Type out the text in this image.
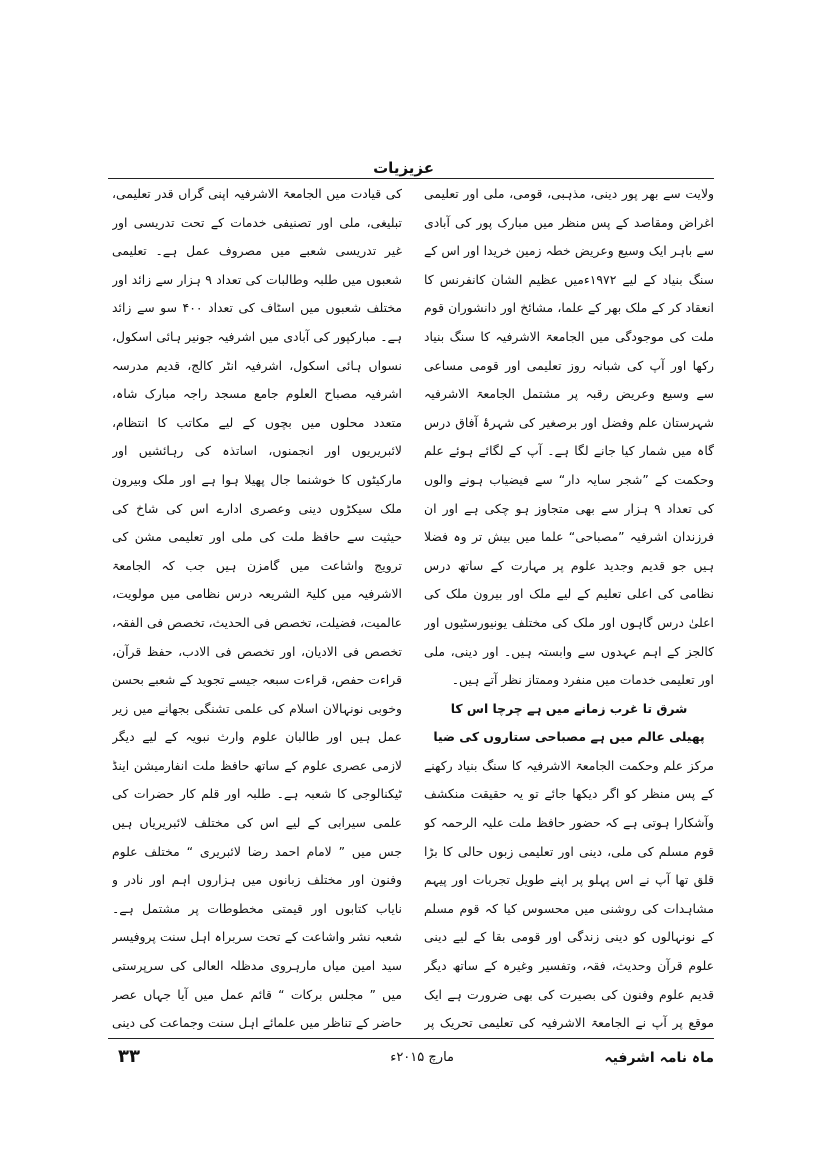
عزیزیات

ولایت سے بھر پور دینی، مذہبی، قومی، ملی اور تعلیمی اغراض ومقاصد کے پس منظر میں مبارک پور کی آبادی سے باہر ایک وسیع وعریض خطہ زمین خریدا اور اس کے سنگ بنیاد کے لیے ۱۹۷۲ءمیں عظیم الشان کانفرنس کا انعقاد کر کے ملک بھر کے علما، مشائخ اور دانشوران قوم ملت کی موجودگی میں الجامعۃ الاشرفیہ کا سنگ بنیاد رکھا اور آپ کی شبانہ روز تعلیمی اور قومی مساعی سے وسیع وعریض رقبہ پر مشتمل الجامعۃ الاشرفیہ شہرستان علم وفضل اور برصغیر کی شہرۂ آفاق درس گاہ میں شمار کیا جانے لگا ہے۔ آپ کے لگائے ہوئے علم وحکمت کے ”شجر سایہ دار“ سے فیضیاب ہونے والوں کی تعداد ۹ ہزار سے بھی متجاوز ہو چکی ہے اور ان فرزندان اشرفیہ ”مصباحی“ علما میں بیش تر وہ فضلا ہیں جو قدیم وجدید علوم پر مہارت کے ساتھ درس نظامی کی اعلی تعلیم کے لیے ملک اور بیرون ملک کی اعلیٰ درس گاہوں اور ملک کی مختلف یونیورسٹیوں اور کالجز کے اہم عہدوں سے وابستہ ہیں۔ اور دینی، ملی اور تعلیمی خدمات میں منفرد وممتاز نظر آتے ہیں۔

شرق تا غرب زمانے میں ہے چرچا اس کا

پھیلی عالم میں ہے مصباحی ستاروں کی ضیا

مرکز علم وحکمت الجامعۃ الاشرفیہ کا سنگ بنیاد رکھنے کے پس منظر کو اگر دیکھا جائے تو یہ حقیقت منکشف وآشکارا ہوتی ہے کہ حضور حافظ ملت علیہ الرحمہ کو قوم مسلم کی ملی، دینی اور تعلیمی زبوں حالی کا بڑا قلق تھا آپ نے اس پہلو پر اپنے طویل تجربات اور پیہم مشاہدات کی روشنی میں محسوس کیا کہ قوم مسلم کے نونہالوں کو دینی زندگی اور قومی بقا کے لیے دینی علوم قرآن وحدیث، فقہ، وتفسیر وغیرہ کے ساتھ دیگر قدیم علوم وفنون کی بصیرت کی بھی ضرورت ہے ایک موقع پر آپ نے الجامعۃ الاشرفیہ کی تعلیمی تحریک پر

کی قیادت میں الجامعۃ الاشرفیہ اپنی گراں قدر تعلیمی، تبلیغی، ملی اور تصنیفی خدمات کے تحت تدریسی اور غیر تدریسی شعبے میں مصروف عمل ہے۔ تعلیمی شعبوں میں طلبہ وطالبات کی تعداد ۹ ہزار سے زائد اور مختلف شعبوں میں اسٹاف کی تعداد ۴۰۰ سو سے زائد ہے۔ مبارکپور کی آبادی میں اشرفیہ جونیر ہائی اسکول، نسواں ہائی اسکول، اشرفیہ انٹر کالج، قدیم مدرسہ اشرفیہ مصباح العلوم جامع مسجد راجہ مبارک شاہ، متعدد محلوں میں بچوں کے لیے مکاتب کا انتظام، لائبریریوں اور انجمنوں، اساتذہ کی رہائشیں اور مارکیٹوں کا خوشنما جال پھیلا ہوا ہے اور ملک وبیرون ملک سیکڑوں دینی وعصری ادارے اس کی شاخ کی حیثیت سے حافظ ملت کی ملی اور تعلیمی مشن کی ترویج واشاعت میں گامزن ہیں جب کہ الجامعۃ الاشرفیہ میں کلیۃ الشریعہ درس نظامی میں مولویت، عالمیت، فضیلت، تخصص فی الحدیث، تخصص فی الفقہ، تخصص فی الادیان، اور تخصص فی الادب، حفظ قرآن، قراءت حفص، قراءت سبعہ جیسے تجوید کے شعبے بحسن وخوبی نونہالان اسلام کی علمی تشنگی بجھانے میں زیر عمل ہیں اور طالبان علوم وارث نبویہ کے لیے دیگر لازمی عصری علوم کے ساتھ حافظ ملت انفارمیشن اینڈ ٹیکنالوجی کا شعبہ ہے۔ طلبہ اور قلم کار حضرات کی علمی سیرابی کے لیے اس کی مختلف لائبریریاں ہیں جس میں ” لامام احمد رضا لائبریری “ مختلف علوم وفنون اور مختلف زبانوں میں ہزاروں اہم اور نادر و نایاب کتابوں اور قیمتی مخطوطات پر مشتمل ہے۔ شعبہ نشر واشاعت کے تحت سربراہ اہل سنت پروفیسر سید امین میاں مارہروی مدظلہ العالی کی سرپرستی میں ” مجلس برکات “ قائم عمل میں آیا جہاں عصر حاضر کے تناظر میں علمائے اہل سنت وجماعت کی دینی

ماہ نامہ اشرفیہ
مارچ ۲۰۱۵ء
۳۳
